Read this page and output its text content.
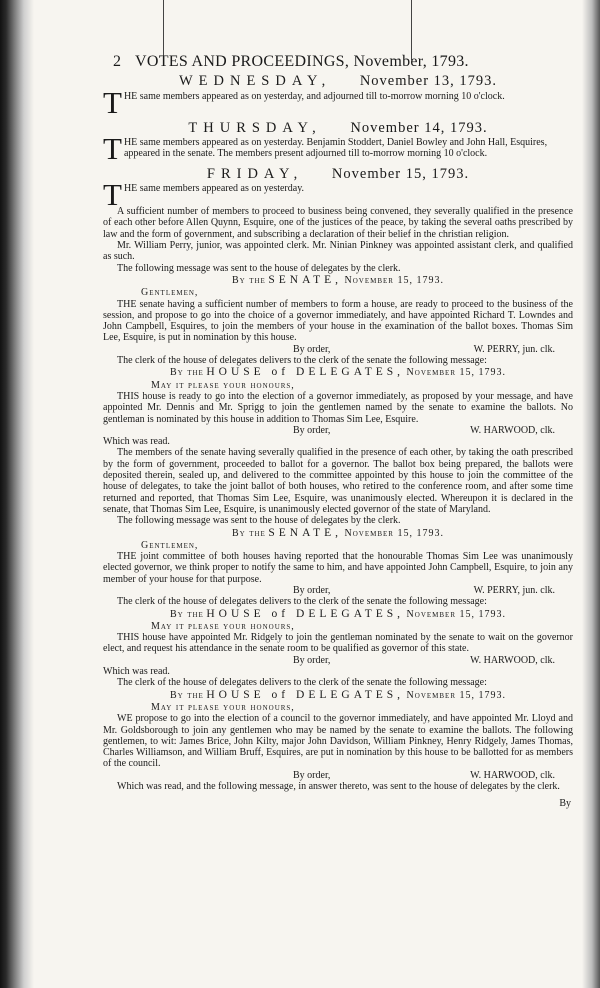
2 VOTES AND PROCEEDINGS, November, 1793.
WEDNESDAY, November 13, 1793.
T HE same members appeared as on yesterday, and adjourned till to-morrow morning 10 o'clock.
THURSDAY, November 14, 1793.
T HE same members appeared as on yesterday. Benjamin Stoddert, Daniel Bowley and John Hall, Esquires, appeared in the senate. The members present adjourned till to-morrow morning 10 o'clock.
FRIDAY, November 15, 1793.
T HE same members appeared as on yesterday.

A sufficient number of members to proceed to business being convened, they severally qualified in the presence of each other before Allen Quynn, Esquire, one of the justices of the peace, by taking the several oaths prescribed by law and the form of government, and subscribing a declaration of their belief in the christian religion.

Mr. William Perry, junior, was appointed clerk. Mr. Ninian Pinkney was appointed assistant clerk, and qualified as such.

The following message was sent to the house of delegates by the clerk.

By the SENATE, November 15, 1793.

Gentlemen,

THE senate having a sufficient number of members to form a house, are ready to proceed to the business of the session, and propose to go into the choice of a governor immediately, and have appointed Richard T. Lowndes and John Campbell, Esquires, to join the members of your house in the examination of the ballot boxes. Thomas Sim Lee, Esquire, is put in nomination by this house.

By order,	W. PERRY, jun. clk.

The clerk of the house of delegates delivers to the clerk of the senate the following message:

By the HOUSE of DELEGATES, November 15, 1793.

May it please your honours,

THIS house is ready to go into the election of a governor immediately, as proposed by your message, and have appointed Mr. Dennis and Mr. Sprigg to join the gentlemen named by the senate to examine the ballots. No gentleman is nominated by this house in addition to Thomas Sim Lee, Esquire.

By order,	W. HARWOOD, clk.

Which was read.

The members of the senate having severally qualified in the presence of each other, by taking the oath prescribed by the form of government, proceeded to ballot for a governor. The ballot box being prepared, the ballots were deposited therein, sealed up, and delivered to the committee appointed by this house to join the committee of the house of delegates, to take the joint ballot of both houses, who retired to the conference room, and after some time returned and reported, that Thomas Sim Lee, Esquire, was unanimously elected. Whereupon it is declared in the senate, that Thomas Sim Lee, Esquire, is unanimously elected governor of the state of Maryland.

The following message was sent to the house of delegates by the clerk.

By the SENATE, November 15, 1793.

Gentlemen,

THE joint committee of both houses having reported that the honourable Thomas Sim Lee was unanimously elected governor, we think proper to notify the same to him, and have appointed John Campbell, Esquire, to join any member of your house for that purpose.

By order,	W. PERRY, jun. clk.

The clerk of the house of delegates delivers to the clerk of the senate the following message:

By the HOUSE of DELEGATES, November 15, 1793.

May it please your honours,

THIS house have appointed Mr. Ridgely to join the gentleman nominated by the senate to wait on the governor elect, and request his attendance in the senate room to be qualified as governor of this state.

By order,	W. HARWOOD, clk.

Which was read.

The clerk of the house of delegates delivers to the clerk of the senate the following message:

By the HOUSE of DELEGATES, November 15, 1793.

May it please your honours,

WE propose to go into the election of a council to the governor immediately, and have appointed Mr. Lloyd and Mr. Goldsborough to join any gentlemen who may be named by the senate to examine the ballots. The following gentlemen, to wit: James Brice, John Kilty, major John Davidson, William Pinkney, Henry Ridgely, James Thomas, Charles Williamson, and William Bruff, Esquires, are put in nomination by this house to be ballotted for as members of the council.

By order,	W. HARWOOD, clk.

Which was read, and the following message, in answer thereto, was sent to the house of delegates by the clerk.

By
